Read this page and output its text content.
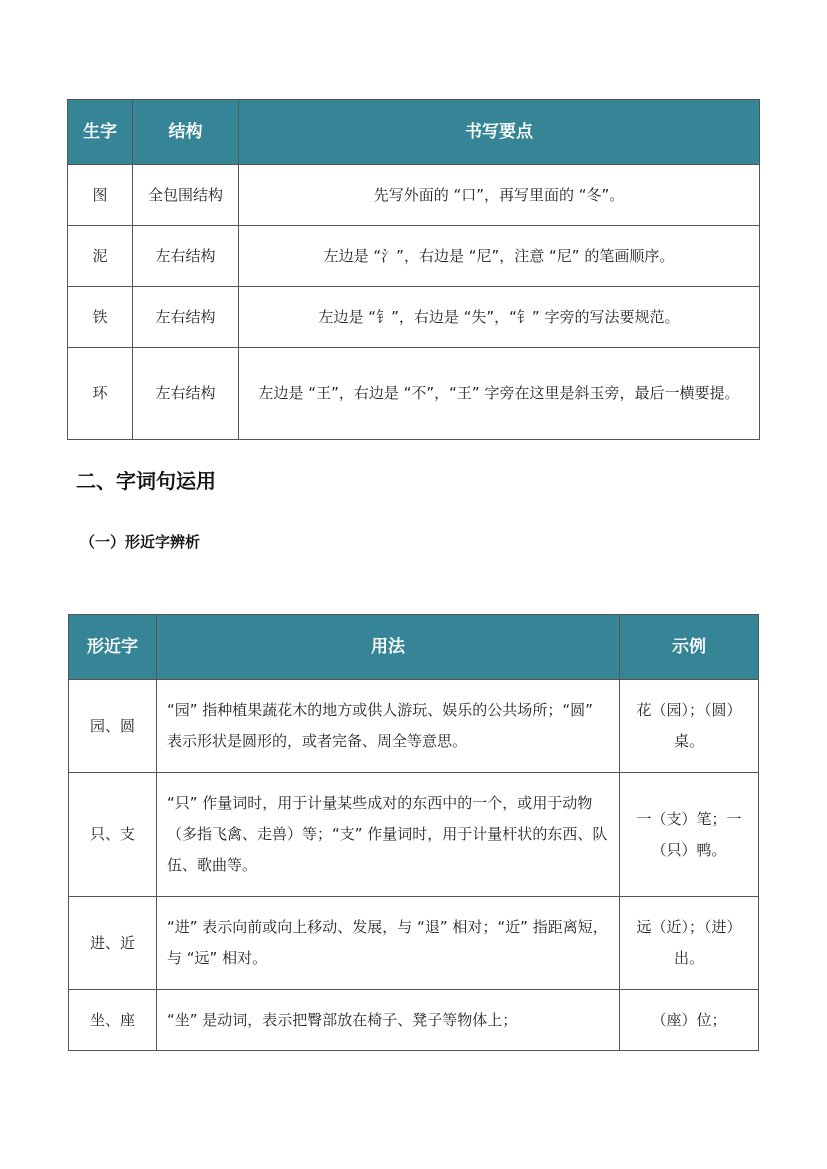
生字	结构	书写要点
图	全包围结构	先写外面的 “口”，再写里面的 “冬”。
泥	左右结构	左边是 “氵”，右边是 “尼”，注意 “尼” 的笔画顺序。
铁	左右结构	左边是 “钅”，右边是 “失”，“钅” 字旁的写法要规范。
环	左右结构	左边是 “王”，右边是 “不”，“王” 字旁在这里是斜玉旁，最后一横要提。
二、字词句运用
（一）形近字辨析
形近字	用法	示例
园、圆	“园” 指种植果蔬花木的地方或供人游玩、娱乐的公共场所；“圆” 表示形状是圆形的，或者完备、周全等意思。	花（园）；（圆）桌。
只、支	“只” 作量词时，用于计量某些成对的东西中的一个，或用于动物（多指飞禽、走兽）等；“支” 作量词时，用于计量杆状的东西、队伍、歌曲等。	一（支）笔；一（只）鸭。
进、近	“进” 表示向前或向上移动、发展，与 “退” 相对；“近” 指距离短，与 “远” 相对。	远（近）；（进）出。
坐、座	“坐” 是动词，表示把臀部放在椅子、凳子等物体上；	（座）位；
